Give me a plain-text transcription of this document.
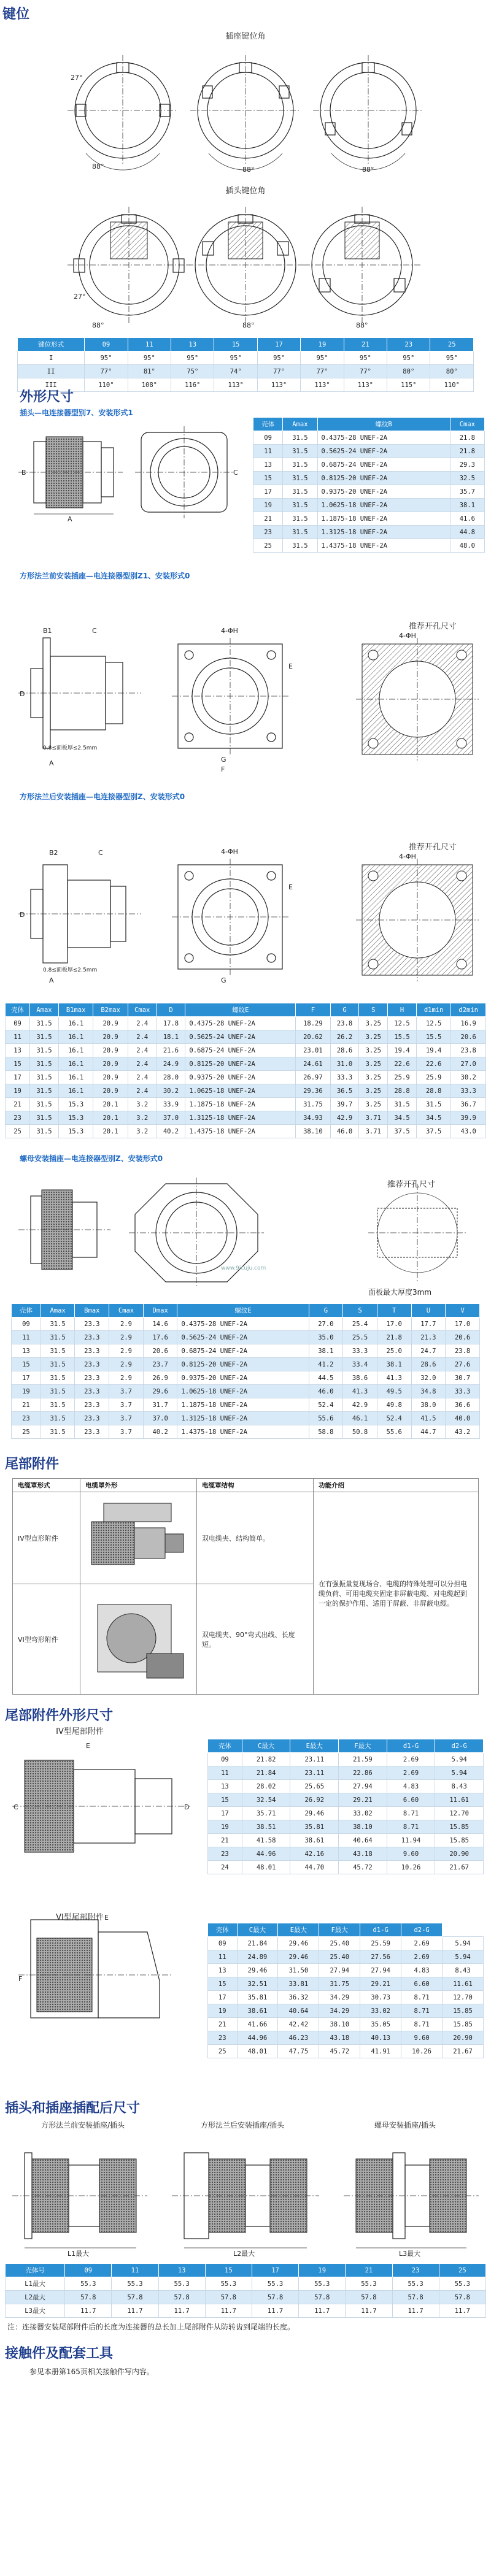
键位
插座键位角
27°
88°	88°	88°
插头键位角
88°
27°
88°	88°
键位形式	09	11	13	15	17	19	21	23	25
I	95°	95°	95°	95°	95°	95°	95°	95°	95°
II	77°	81°	75°	74°	77°	77°	77°	80°	80°
III	110°	108°	116°	113°	113°	113°	113°	115°	110°
外形尺寸
插头—电连接器型别7、安装形式1
A
B	C
壳体	Amax	螺纹B	Cmax
09	31.5	0.4375-28 UNEF-2A	21.8
11	31.5	0.5625-24 UNEF-2A	21.8
13	31.5	0.6875-24 UNEF-2A	29.3
15	31.5	0.8125-20 UNEF-2A	32.5
17	31.5	0.9375-20 UNEF-2A	35.7
19	31.5	1.0625-18 UNEF-2A	38.1
21	31.5	1.1875-18 UNEF-2A	41.6
23	31.5	1.3125-18 UNEF-2A	44.8
25	31.5	1.4375-18 UNEF-2A	48.0
方形法兰前安装插座—电连接器型别Z1、安装形式0
推荐开孔尺寸
B1	C
D
A
0.8≤面板厚≤2.5mm
4-ΦH
E
G
F
4-ΦH
方形法兰后安装插座—电连接器型别Z、安装形式0
推荐开孔尺寸
B2	C
D
A
0.8≤面板厚≤2.5mm
4-ΦH
E
G
4-ΦH
壳体	Amax	B1max	B2max	Cmax	D	螺纹E	F	G	S	H	d1min	d2min
09	31.5	16.1	20.9	2.4	17.8	0.4375-28 UNEF-2A	18.29	23.8	3.25	12.5	12.5	16.9
11	31.5	16.1	20.9	2.4	18.1	0.5625-24 UNEF-2A	20.62	26.2	3.25	15.5	15.5	20.6
13	31.5	16.1	20.9	2.4	21.6	0.6875-24 UNEF-2A	23.01	28.6	3.25	19.4	19.4	23.8
15	31.5	16.1	20.9	2.4	24.9	0.8125-20 UNEF-2A	24.61	31.0	3.25	22.6	22.6	27.0
17	31.5	16.1	20.9	2.4	28.0	0.9375-20 UNEF-2A	26.97	33.3	3.25	25.9	25.9	30.2
19	31.5	16.1	20.9	2.4	30.2	1.0625-18 UNEF-2A	29.36	36.5	3.25	28.8	28.8	33.3
21	31.5	15.3	20.1	3.2	33.9	1.1875-18 UNEF-2A	31.75	39.7	3.25	31.5	31.5	36.7
23	31.5	15.3	20.1	3.2	37.0	1.3125-18 UNEF-2A	34.93	42.9	3.71	34.5	34.5	39.9
25	31.5	15.3	20.1	3.2	40.2	1.4375-18 UNEF-2A	38.10	46.0	3.71	37.5	37.5	43.0
螺母安装插座—电连接器型别Z、安装形式0
推荐开孔尺寸
www.9icuju.com
面板最大厚度3mm
壳体	Amax	Bmax	Cmax	Dmax	螺纹E	G	S	T	U	V
09	31.5	23.3	2.9	14.6	0.4375-28 UNEF-2A	27.0	25.4	17.0	17.7	17.0
11	31.5	23.3	2.9	17.6	0.5625-24 UNEF-2A	35.0	25.5	21.8	21.3	20.6
13	31.5	23.3	2.9	20.6	0.6875-24 UNEF-2A	38.1	33.3	25.0	24.7	23.8
15	31.5	23.3	2.9	23.7	0.8125-20 UNEF-2A	41.2	33.4	38.1	28.6	27.6
17	31.5	23.3	2.9	26.9	0.9375-20 UNEF-2A	44.5	38.6	41.3	32.0	30.7
19	31.5	23.3	3.7	29.6	1.0625-18 UNEF-2A	46.0	41.3	49.5	34.8	33.3
21	31.5	23.3	3.7	31.7	1.1875-18 UNEF-2A	52.4	42.9	49.8	38.0	36.6
23	31.5	23.3	3.7	37.0	1.3125-18 UNEF-2A	55.6	46.1	52.4	41.5	40.0
25	31.5	23.3	3.7	40.2	1.4375-18 UNEF-2A	58.8	50.8	55.6	44.7	43.2
尾部附件
电缆罩形式	电缆罩外形	电缆罩结构	功能介绍
IV型直形附件		双电缆夹、结构简单。	在有强振量复现场合、电缆的特殊处理可以分担电缆负荷、可用电缆夹固定非屏蔽电缆、对电缆起到一定的保护作用、适用于屏蔽、非屏蔽电缆。
VI型弯形附件		双电缆夹、90°弯式出线、长度短。	
尾部附件外形尺寸
IV型尾部附件
E
C	D
E
F
VI型尾部附件
壳体	C最大	E最大	F最大	d1-G	d2-G
09	21.82	23.11	21.59	2.69	5.94
11	21.84	23.11	22.86	2.69	5.94
13	28.02	25.65	27.94	4.83	8.43
15	32.54	26.92	29.21	6.60	11.61
17	35.71	29.46	33.02	8.71	12.70
19	38.51	35.81	38.10	8.71	15.85
21	41.58	38.61	40.64	11.94	15.85
23	44.96	42.16	43.18	9.60	20.90
24	48.01	44.70	45.72	10.26	21.67
壳体	C最大	E最大	F最大	d1-G	d2-G	
09	21.84	29.46	25.40	25.59	2.69	5.94
11	24.89	29.46	25.40	27.56	2.69	5.94
13	29.46	31.50	27.94	27.94	4.83	8.43
15	32.51	33.81	31.75	29.21	6.60	11.61
17	35.81	36.32	34.29	30.73	8.71	12.70
19	38.61	40.64	34.29	33.02	8.71	15.85
21	41.66	42.42	38.10	35.05	8.71	15.85
23	44.96	46.23	43.18	40.13	9.60	20.90
25	48.01	47.75	45.72	41.91	10.26	21.67
插头和插座插配后尺寸
方形法兰前安装插座/插头	方形法兰后安装插座/插头	螺母安装插座/插头
L1最大	L2最大	L3最大
壳体号	09	11	13	15	17	19	21	23	25
L1最大	55.3	55.3	55.3	55.3	55.3	55.3	55.3	55.3	55.3
L2最大	57.8	57.8	57.8	57.8	57.8	57.8	57.8	57.8	57.8
L3最大	11.7	11.7	11.7	11.7	11.7	11.7	11.7	11.7	11.7
注：连接器安装尾部附件后的长度为连接器的总长加上尾部附件从防转齿到尾端的长度。
接触件及配套工具
参见本册第165页相关接触件写内容。
